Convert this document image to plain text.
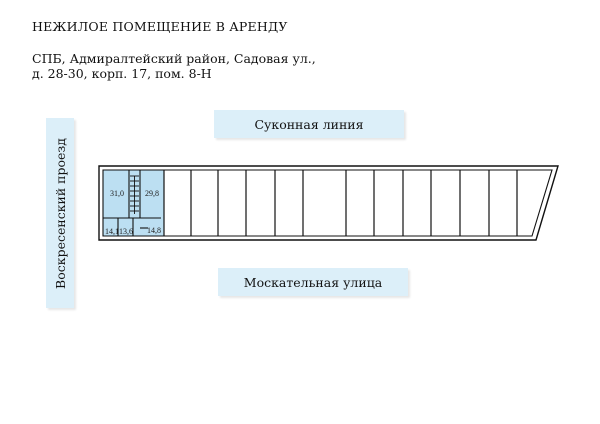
НЕЖИЛОЕ ПОМЕЩЕНИЕ В АРЕНДУ
СПБ, Адмиралтейский район, Садовая ул.,
д. 28-30, корп. 17, пом. 8-Н
Суконная линия
Москательная улица
Воскресенский проезд	31,0	29,8
14,1 13,6 14,8
